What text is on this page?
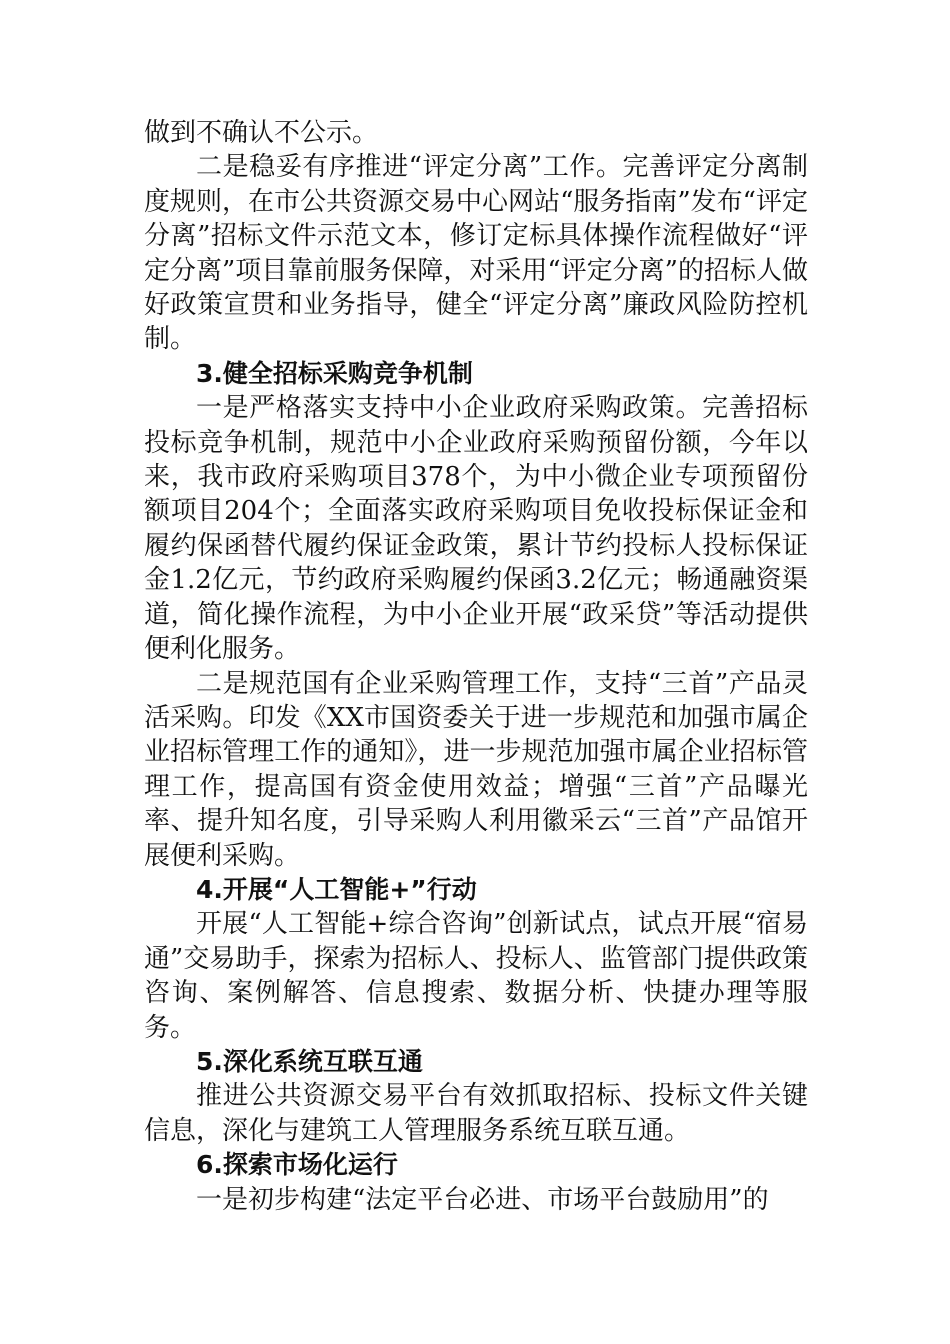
做到不确认不公示。

二是稳妥有序推进“评定分离”工作。完善评定分离制度规则，在市公共资源交易中心网站“服务指南”发布“评定分离”招标文件示范文本，修订定标具体操作流程做好“评定分离”项目靠前服务保障，对采用“评定分离”的招标人做好政策宣贯和业务指导，健全“评定分离”廉政风险防控机制。

3.健全招标采购竞争机制

一是严格落实支持中小企业政府采购政策。完善招标投标竞争机制，规范中小企业政府采购预留份额，今年以来，我市政府采购项目378个，为中小微企业专项预留份额项目204个；全面落实政府采购项目免收投标保证金和履约保函替代履约保证金政策，累计节约投标人投标保证金1.2亿元，节约政府采购履约保函3.2亿元；畅通融资渠道，简化操作流程，为中小企业开展“政采贷”等活动提供便利化服务。

二是规范国有企业采购管理工作，支持“三首”产品灵活采购。印发《XX市国资委关于进一步规范和加强市属企业招标管理工作的通知》，进一步规范加强市属企业招标管理工作，提高国有资金使用效益；增强“三首”产品曝光率、提升知名度，引导采购人利用徽采云“三首”产品馆开展便利采购。

4.开展“人工智能+”行动

开展“人工智能+综合咨询”创新试点，试点开展“宿易通”交易助手，探索为招标人、投标人、监管部门提供政策咨询、案例解答、信息搜索、数据分析、快捷办理等服务。

5.深化系统互联互通

推进公共资源交易平台有效抓取招标、投标文件关键信息，深化与建筑工人管理服务系统互联互通。

6.探索市场化运行

一是初步构建“法定平台必进、市场平台鼓励用”的
